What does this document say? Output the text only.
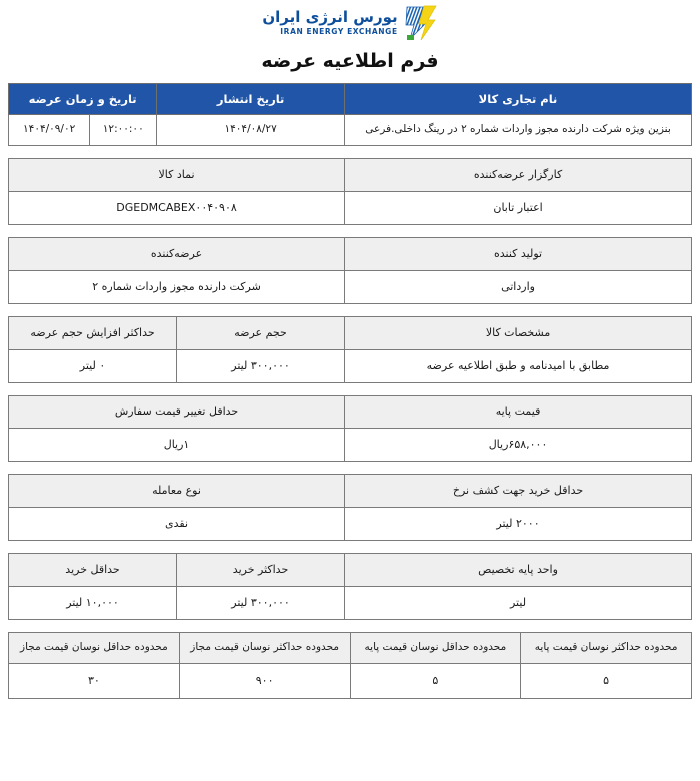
بورس انرژی ایران
IRAN ENERGY EXCHANGE
فرم اطلاعیه عرضه
نام تجاری کالا	تاریخ انتشار	تاریخ و زمان عرضه	
بنزین ویژه شرکت دارنده مجوز واردات شماره ۲ در رینگ داخلی.فرعی	۱۴۰۴/۰۸/۲۷	۱۲:۰۰:۰۰	۱۴۰۴/۰۹/۰۲
کارگزار عرضه‌کننده	نماد کالا
اعتبار تابان	DGEDMCABEX۰۰۴۰۹۰۸
تولید کننده	عرضه‌کننده
وارداتی	شرکت دارنده مجوز واردات شماره ۲
مشخصات کالا	حجم عرضه	حداکثر افزایش حجم عرضه
مطابق با امیدنامه و طبق اطلاعیه عرضه	۳۰۰,۰۰۰ لیتر	۰ لیتر
قیمت پایه	حداقل تغییر قیمت سفارش
۶۵۸,۰۰۰ریال	۱ریال
حداقل خرید جهت کشف نرخ	نوع معامله
۲۰۰۰ لیتر	نقدی
واحد پایه تخصیص	حداکثر خرید	حداقل خرید
لیتر	۳۰۰,۰۰۰ لیتر	۱۰,۰۰۰ لیتر
محدوده حداکثر نوسان قیمت پایه	محدوده حداقل نوسان قیمت پایه	محدوده حداکثر نوسان قیمت مجاز	محدوده حداقل نوسان قیمت مجاز
۵	۵	۹۰۰	۳۰
